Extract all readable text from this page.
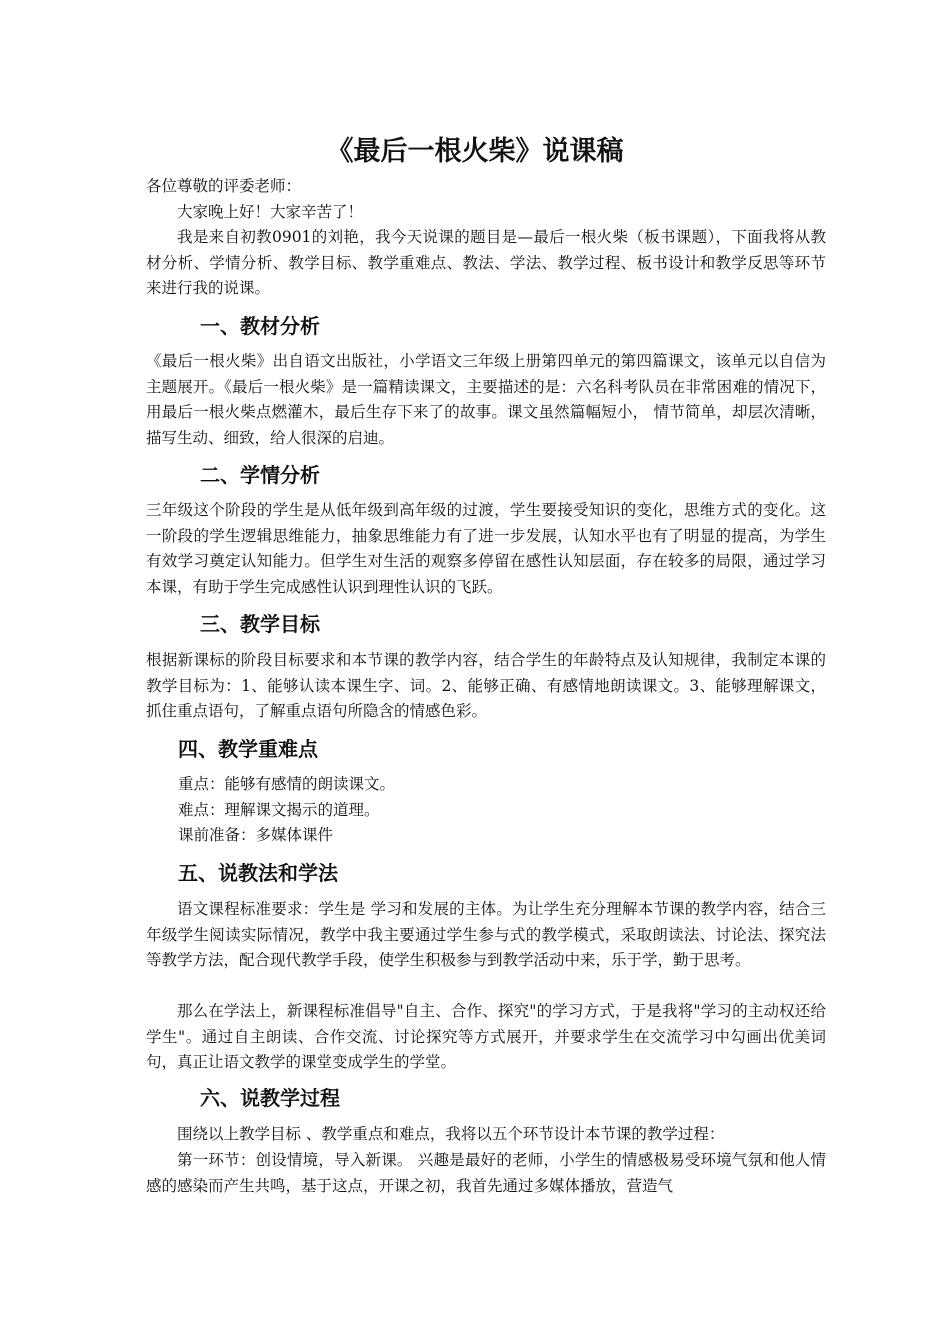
《最后一根火柴》说课稿

各位尊敬的评委老师：

大家晚上好！大家辛苦了！

我是来自初教0901的刘艳，我今天说课的题目是—最后一根火柴（板书课题），下面我将从教材分析、学情分析、教学目标、教学重难点、教法、学法、教学过程、板书设计和教学反思等环节来进行我的说课。

一、教材分析

《最后一根火柴》出自语文出版社，小学语文三年级上册第四单元的第四篇课文，该单元以自信为主题展开。《最后一根火柴》是一篇精读课文，主要描述的是：六名科考队员在非常困难的情况下，用最后一根火柴点燃灌木，最后生存下来了的故事。课文虽然篇幅短小， 情节简单，却层次清晰，描写生动、细致，给人很深的启迪。

二、学情分析

三年级这个阶段的学生是从低年级到高年级的过渡，学生要接受知识的变化，思维方式的变化。这一阶段的学生逻辑思维能力，抽象思维能力有了进一步发展，认知水平也有了明显的提高，为学生有效学习奠定认知能力。但学生对生活的观察多停留在感性认知层面，存在较多的局限，通过学习本课，有助于学生完成感性认识到理性认识的飞跃。

三、教学目标

根据新课标的阶段目标要求和本节课的教学内容，结合学生的年龄特点及认知规律，我制定本课的教学目标为：1、能够认读本课生字、词。2、能够正确、有感情地朗读课文。3、能够理解课文，抓住重点语句，了解重点语句所隐含的情感色彩。

四、教学重难点

重点：能够有感情的朗读课文。

难点：理解课文揭示的道理。

课前准备：多媒体课件

五、说教法和学法

语文课程标准要求：学生是 学习和发展的主体。为让学生充分理解本节课的教学内容，结合三年级学生阅读实际情况，教学中我主要通过学生参与式的教学模式，采取朗读法、讨论法、探究法等教学方法，配合现代教学手段，使学生积极参与到教学活动中来，乐于学，勤于思考。

那么在学法上，新课程标准倡导"自主、合作、探究"的学习方式，于是我将"学习的主动权还给学生"。通过自主朗读、合作交流、讨论探究等方式展开，并要求学生在交流学习中勾画出优美词句，真正让语文教学的课堂变成学生的学堂。

六、说教学过程

围绕以上教学目标 、教学重点和难点，我将以五个环节设计本节课的教学过程：

第一环节：创设情境，导入新课。 兴趣是最好的老师，小学生的情感极易受环境气氛和他人情感的感染而产生共鸣，基于这点，开课之初，我首先通过多媒体播放，营造气
